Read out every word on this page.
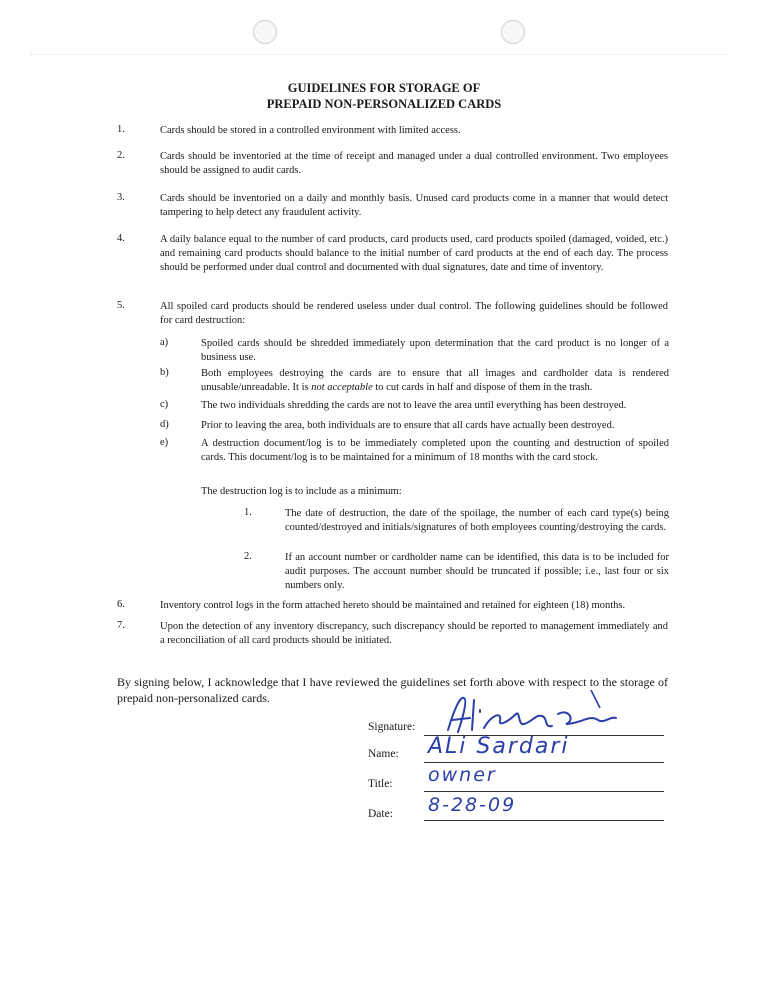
GUIDELINES FOR STORAGE OF
PREPAID NON-PERSONALIZED CARDS
1.	Cards should be stored in a controlled environment with limited access.
2.	Cards should be inventoried at the time of receipt and managed under a dual controlled environment. Two employees should be assigned to audit cards.
3.	Cards should be inventoried on a daily and monthly basis. Unused card products come in a manner that would detect tampering to help detect any fraudulent activity.
4.	A daily balance equal to the number of card products, card products used, card products spoiled (damaged, voided, etc.) and remaining card products should balance to the initial number of card products at the end of each day. The process should be performed under dual control and documented with dual signatures, date and time of inventory.
5.	All spoiled card products should be rendered useless under dual control. The following guidelines should be followed for card destruction:
a)	Spoiled cards should be shredded immediately upon determination that the card product is no longer of a business use.
b)	Both employees destroying the cards are to ensure that all images and cardholder data is rendered unusable/unreadable. It is not acceptable to cut cards in half and dispose of them in the trash.
c)	The two individuals shredding the cards are not to leave the area until everything has been destroyed.
d)	Prior to leaving the area, both individuals are to ensure that all cards have actually been destroyed.
e)	A destruction document/log is to be immediately completed upon the counting and destruction of spoiled cards. This document/log is to be maintained for a minimum of 18 months with the card stock.
The destruction log is to include as a minimum:
1.	The date of destruction, the date of the spoilage, the number of each card type(s) being counted/destroyed and initials/signatures of both employees counting/destroying the cards.
2.	If an account number or cardholder name can be identified, this data is to be included for audit purposes. The account number should be truncated if possible; i.e., last four or six numbers only.
6.	Inventory control logs in the form attached hereto should be maintained and retained for eighteen (18) months.
7.	Upon the detection of any inventory discrepancy, such discrepancy should be reported to management immediately and a reconciliation of all card products should be initiated.
By signing below, I acknowledge that I have reviewed the guidelines set forth above with respect to the storage of prepaid non-personalized cards.
Signature:
Name: ALi Sardari
Title: owner
Date: 8-28-09
